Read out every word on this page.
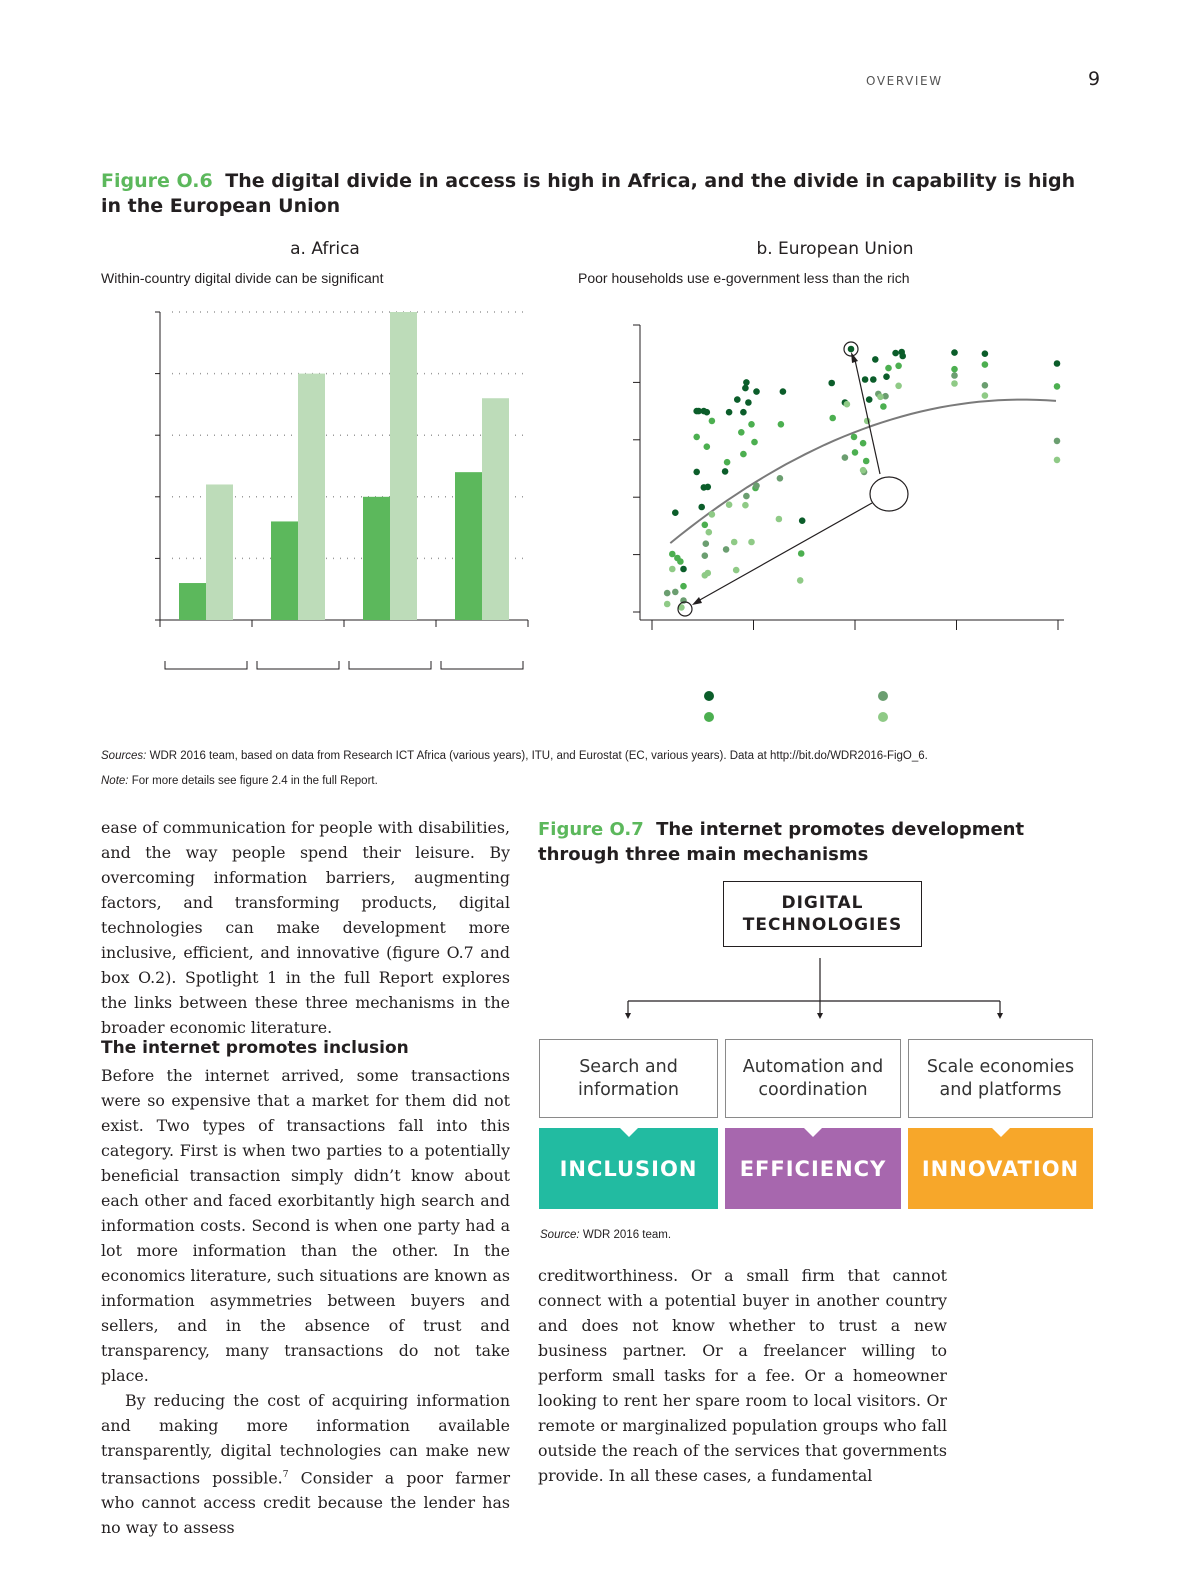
OVERVIEW	9
Figure O.6 The digital divide in access is high in Africa, and the divide in capability is high in the European Union
a. Africa
Within-country digital divide can be significant
b. European Union
Poor households use e-government less than the rich
Sources: WDR 2016 team, based on data from Research ICT Africa (various years), ITU, and Eurostat (EC, various years). Data at http://bit.do/WDR2016-FigO_6.
Note: For more details see figure 2.4 in the full Report.

ease of communication for people with disabilities, and the way people spend their leisure. By overcoming information barriers, augmenting factors, and transforming products, digital technologies can make development more inclusive, efficient, and innovative (figure O.7 and box O.2). Spotlight 1 in the full Report explores the links between these three mechanisms in the broader economic literature.

The internet promotes inclusion

Before the internet arrived, some transactions were so expensive that a market for them did not exist. Two types of transactions fall into this category. First is when two parties to a potentially beneficial transaction simply didn’t know about each other and faced exorbitantly high search and information costs. Second is when one party had a lot more information than the other. In the economics literature, such situations are known as information asymmetries between buyers and sellers, and in the absence of trust and transparency, many transactions do not take place.

By reducing the cost of acquiring information and making more information available transparently, digital technologies can make new transactions possible.$^7$ Consider a poor farmer who cannot access credit because the lender has no way to assess

Figure O.7 The internet promotes development through three main mechanisms
DIGITAL
TECHNOLOGIES
Search and
information
Automation and
coordination
Scale economies
and platforms
INCLUSION EFFICIENCY INNOVATION
Source: WDR 2016 team.

creditworthiness. Or a small firm that cannot connect with a potential buyer in another country and does not know whether to trust a new business partner. Or a freelancer willing to perform small tasks for a fee. Or a homeowner looking to rent her spare room to local visitors. Or remote or marginalized population groups who fall outside the reach of the services that governments provide. In all these cases, a fundamental
